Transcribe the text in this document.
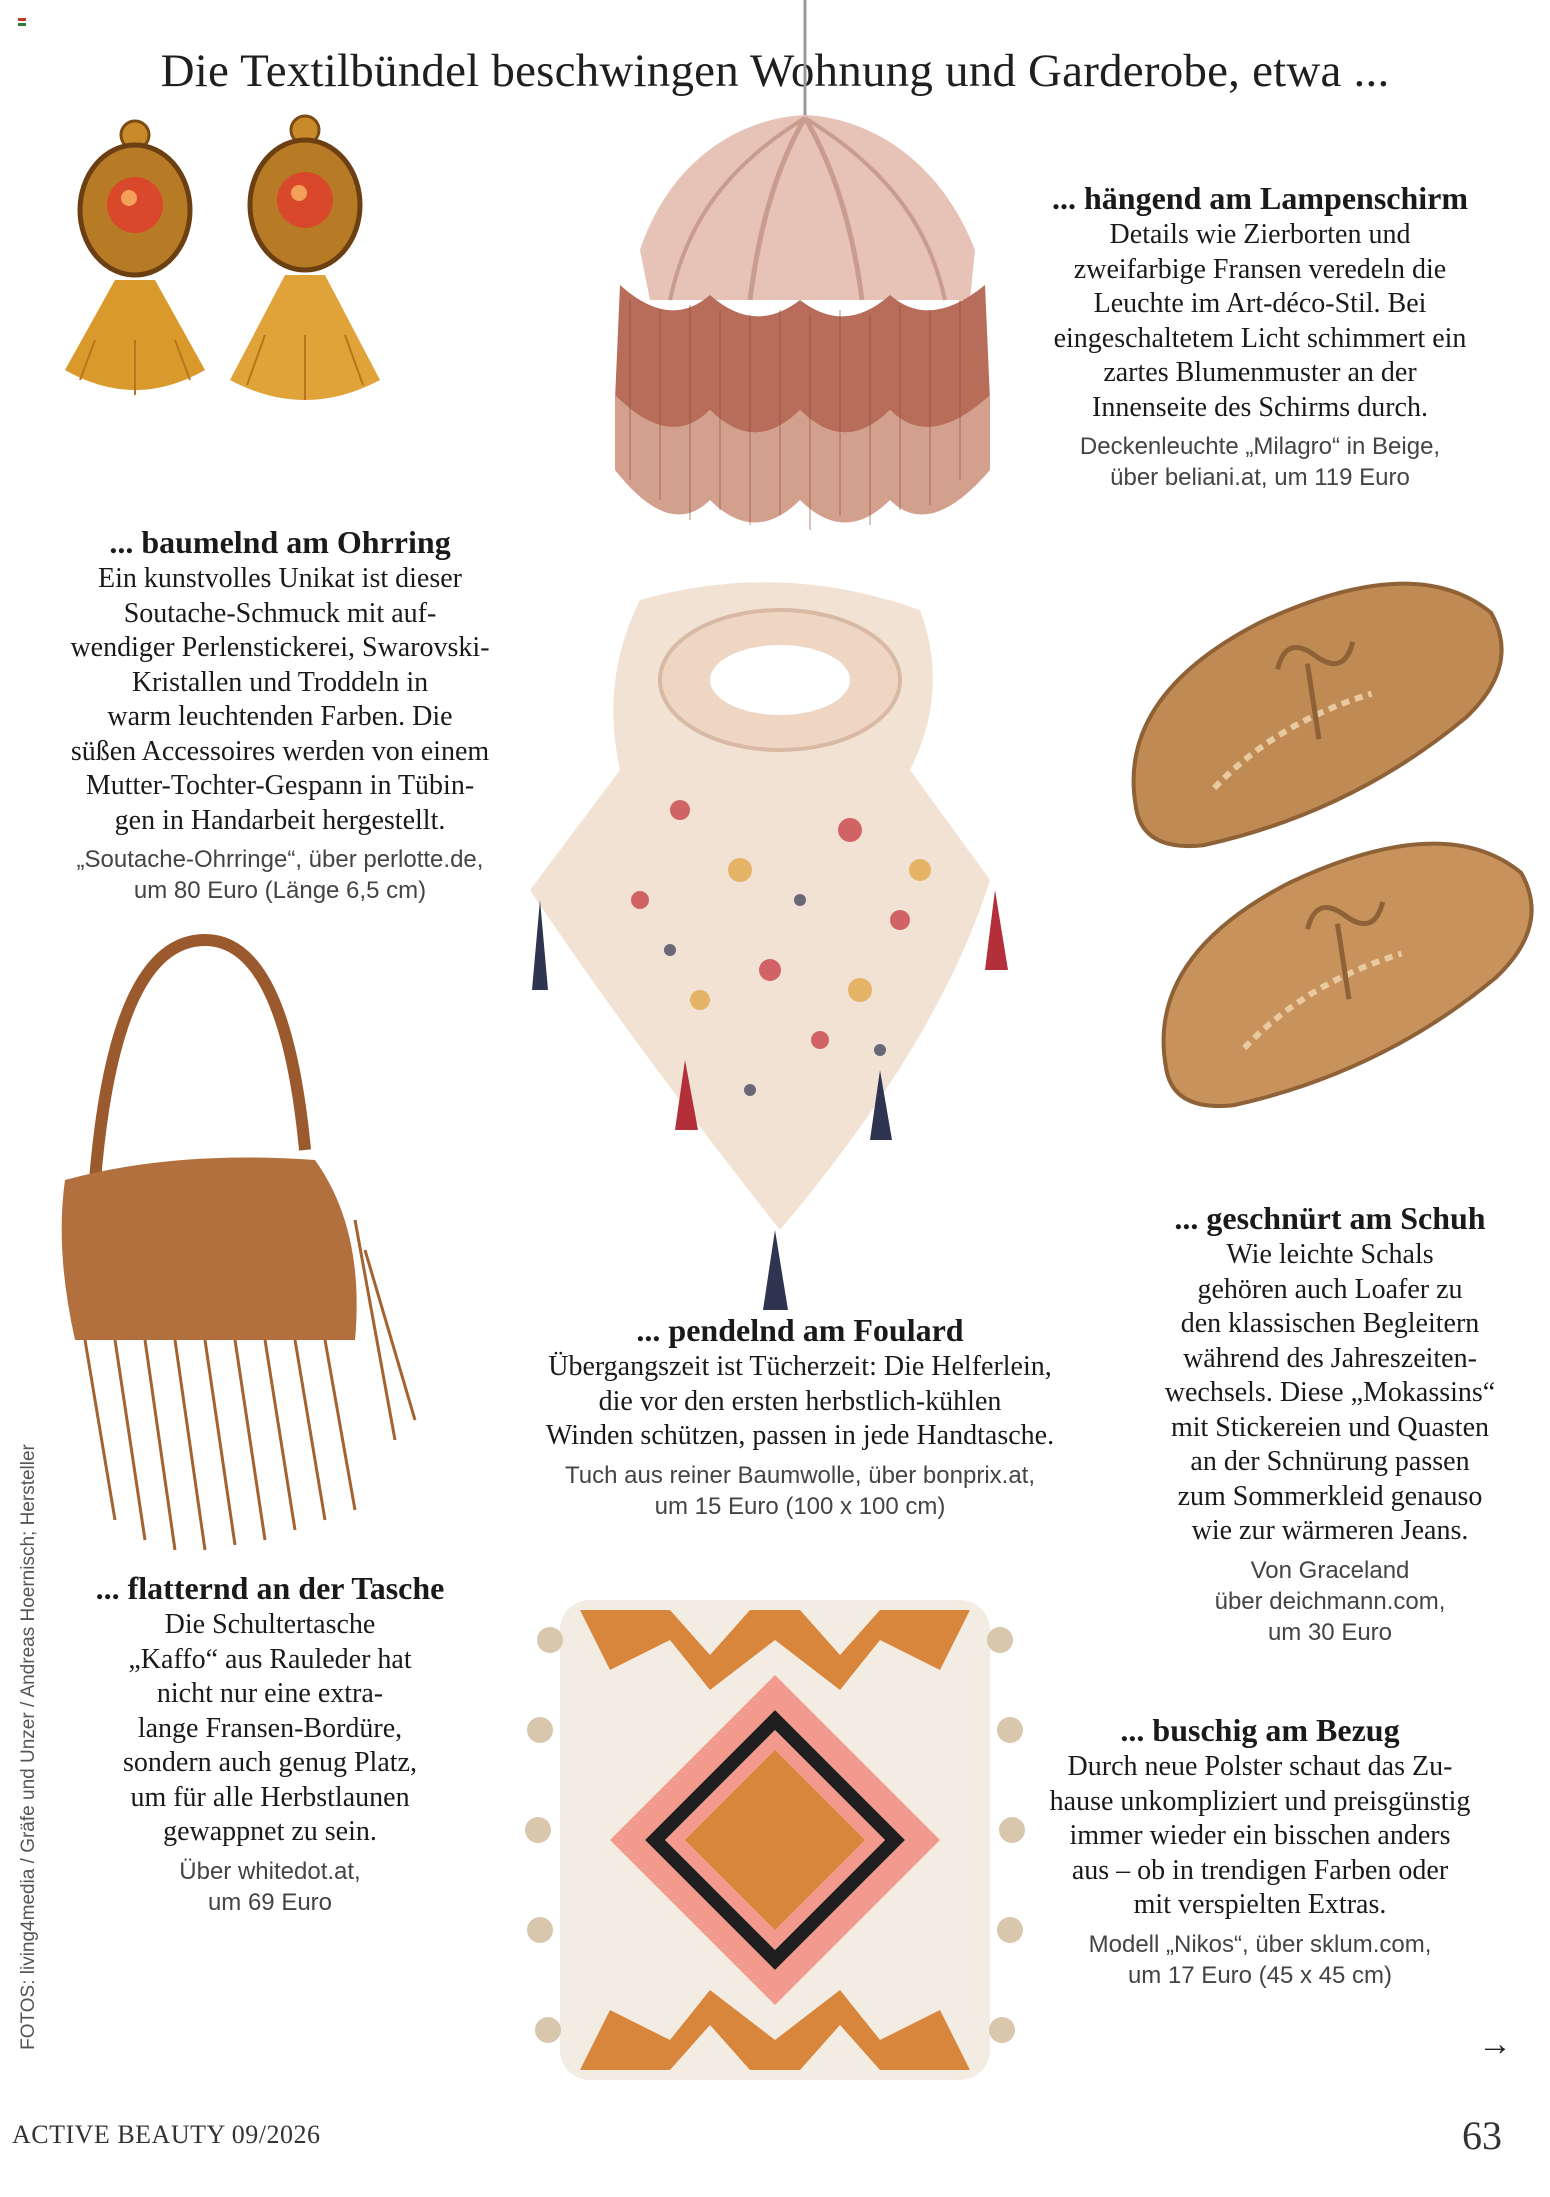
Die Textilbündel beschwingen Wohnung und Garderobe, etwa ...
... hängend am Lampenschirm
Details wie Zierborten und
zweifarbige Fransen veredeln die
Leuchte im Art-déco-Stil. Bei
eingeschaltetem Licht schimmert ein
zartes Blumenmuster an der
Innenseite des Schirms durch.
Deckenleuchte „Milagro“ in Beige,
über beliani.at, um 119 Euro
... baumelnd am Ohrring
Ein kunstvolles Unikat ist dieser
Soutache-Schmuck mit auf-
wendiger Perlenstickerei, Swarovski-
Kristallen und Troddeln in
warm leuchtenden Farben. Die
süßen Accessoires werden von einem
Mutter-Tochter-Gespann in Tübin-
gen in Handarbeit hergestellt.
„Soutache-Ohrringe“, über perlotte.de,
um 80 Euro (Länge 6,5 cm)
... geschnürt am Schuh
Wie leichte Schals
gehören auch Loafer zu
den klassischen Begleitern
während des Jahreszeiten-
wechsels. Diese „Mokassins“
mit Stickereien und Quasten
an der Schnürung passen
zum Sommerkleid genauso
wie zur wärmeren Jeans.
Von Graceland
über deichmann.com,
um 30 Euro
... pendelnd am Foulard
Übergangszeit ist Tücherzeit: Die Helferlein,
die vor den ersten herbstlich-kühlen
Winden schützen, passen in jede Handtasche.
Tuch aus reiner Baumwolle, über bonprix.at,
um 15 Euro (100 x 100 cm)
... flatternd an der Tasche
Die Schultertasche
„Kaffo“ aus Rauleder hat
nicht nur eine extra-
lange Fransen-Bordüre,
sondern auch genug Platz,
um für alle Herbstlaunen
gewappnet zu sein.
Über whitedot.at,
um 69 Euro
... buschig am Bezug
Durch neue Polster schaut das Zu-
hause unkompliziert und preisgünstig
immer wieder ein bisschen anders
aus – ob in trendigen Farben oder
mit verspielten Extras.
Modell „Nikos“, über sklum.com,
um 17 Euro (45 x 45 cm)
FOTOS: living4media / Gräfe und Unzer / Andreas Hoernisch; Hersteller	→
ACTIVE BEAUTY 09/2026	63
